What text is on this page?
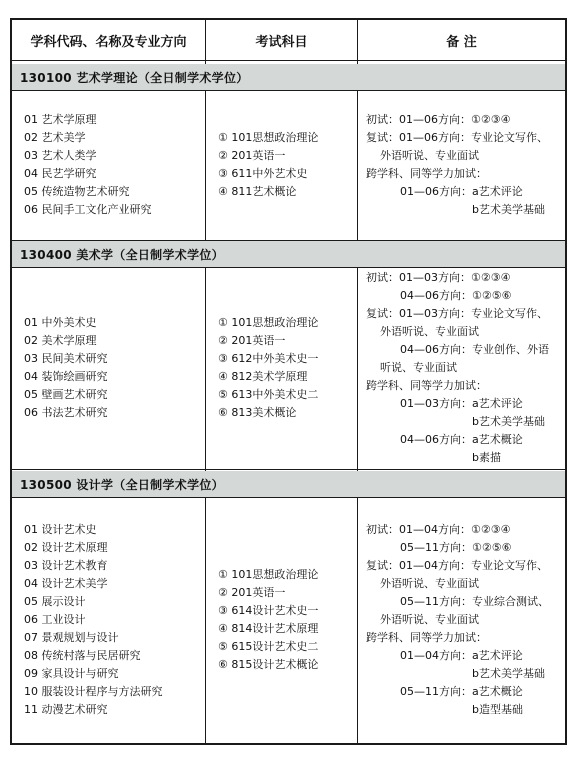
学科代码、名称及专业方向	考试科目	备 注
130100 艺术学理论（全日制学术学位）
01 艺术学原理
02 艺术美学
03 艺术人类学
04 民艺学研究
05 传统造物艺术研究
06 民间手工文化产业研究
① 101思想政治理论
② 201英语一
③ 611中外艺术史
④ 811艺术概论
初试：01—06方向：①②③④
复试：01—06方向：专业论文写作、
外语听说、专业面试
跨学科、同等学力加试：
01—06方向：a艺术评论
b艺术美学基础
130400 美术学（全日制学术学位）
01 中外美术史
02 美术学原理
03 民间美术研究
04 装饰绘画研究
05 壁画艺术研究
06 书法艺术研究
① 101思想政治理论
② 201英语一
③ 612中外美术史一
④ 812美术学原理
⑤ 613中外美术史二
⑥ 813美术概论
初试：01—03方向：①②③④
04—06方向：①②⑤⑥
复试：01—03方向：专业论文写作、
外语听说、专业面试
04—06方向：专业创作、外语
听说、专业面试
跨学科、同等学力加试：
01—03方向：a艺术评论
b艺术美学基础
04—06方向：a艺术概论
b素描
130500 设计学（全日制学术学位）
01 设计艺术史
02 设计艺术原理
03 设计艺术教育
04 设计艺术美学
05 展示设计
06 工业设计
07 景观规划与设计
08 传统村落与民居研究
09 家具设计与研究
10 服装设计程序与方法研究
11 动漫艺术研究
① 101思想政治理论
② 201英语一
③ 614设计艺术史一
④ 814设计艺术原理
⑤ 615设计艺术史二
⑥ 815设计艺术概论
初试：01—04方向：①②③④
05—11方向：①②⑤⑥
复试：01—04方向：专业论文写作、
外语听说、专业面试
05—11方向：专业综合测试、
外语听说、专业面试
跨学科、同等学力加试：
01—04方向：a艺术评论
b艺术美学基础
05—11方向：a艺术概论
b造型基础
